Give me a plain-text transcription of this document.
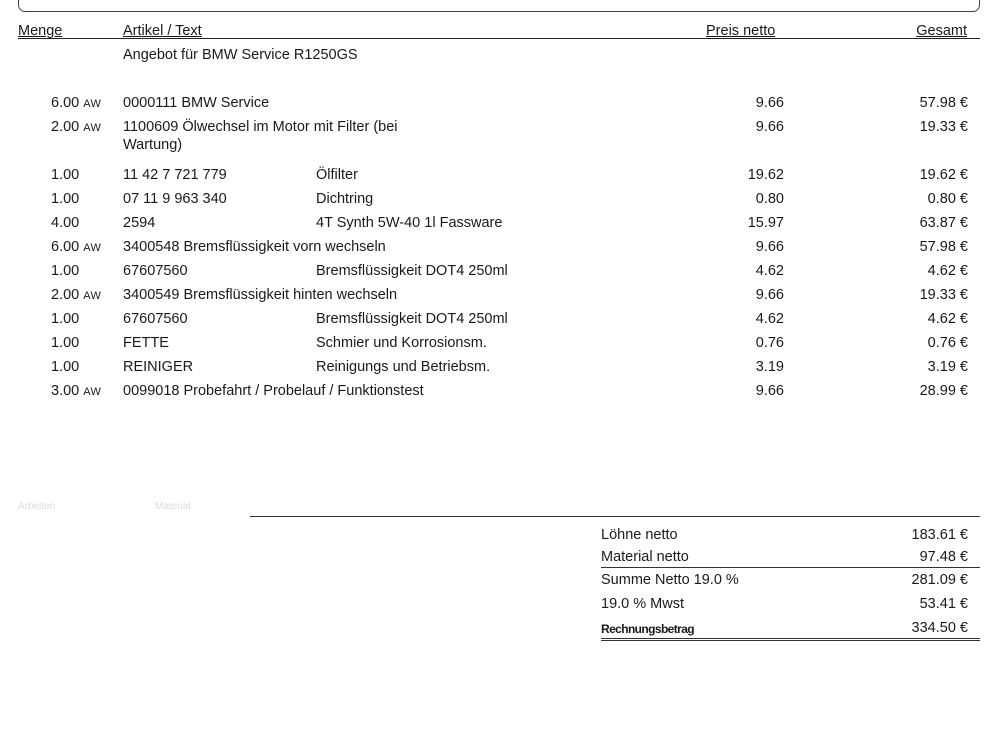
Menge	Artikel / Text	Preis netto	Gesamt
Angebot für BMW Service R1250GS
6.00 AW 0000111 BMW Service	9.66	57.98 €
2.00 AW 1100609 Ölwechsel im Motor mit Filter (bei
Wartung)
9.66	19.33 €
1.00	11 42 7 721 779	Ölfilter	19.62	19.62 €
1.00	07 11 9 963 340	Dichtring	0.80	0.80 €
4.00	2594	4T Synth 5W-40 1l Fassware	15.97	63.87 €
6.00 AW 3400548 Bremsflüssigkeit vorn wechseln	9.66	57.98 €
1.00	67607560	Bremsflüssigkeit DOT4 250ml	4.62	4.62 €
2.00 AW 3400549 Bremsflüssigkeit hinten wechseln	9.66	19.33 €
1.00	67607560	Bremsflüssigkeit DOT4 250ml	4.62	4.62 €
1.00	FETTE	Schmier und Korrosionsm.	0.76	0.76 €
1.00	REINIGER	Reinigungs und Betriebsm.	3.19	3.19 €
3.00 AW 0099018 Probefahrt / Probelauf / Funktionstest	9.66	28.99 €
Arbeiten	Material
Löhne netto	183.61 €
Material netto	97.48 €
Summe Netto 19.0 %	281.09 €
19.0 % Mwst	53.41 €
Rechnungsbetrag	334.50 €
